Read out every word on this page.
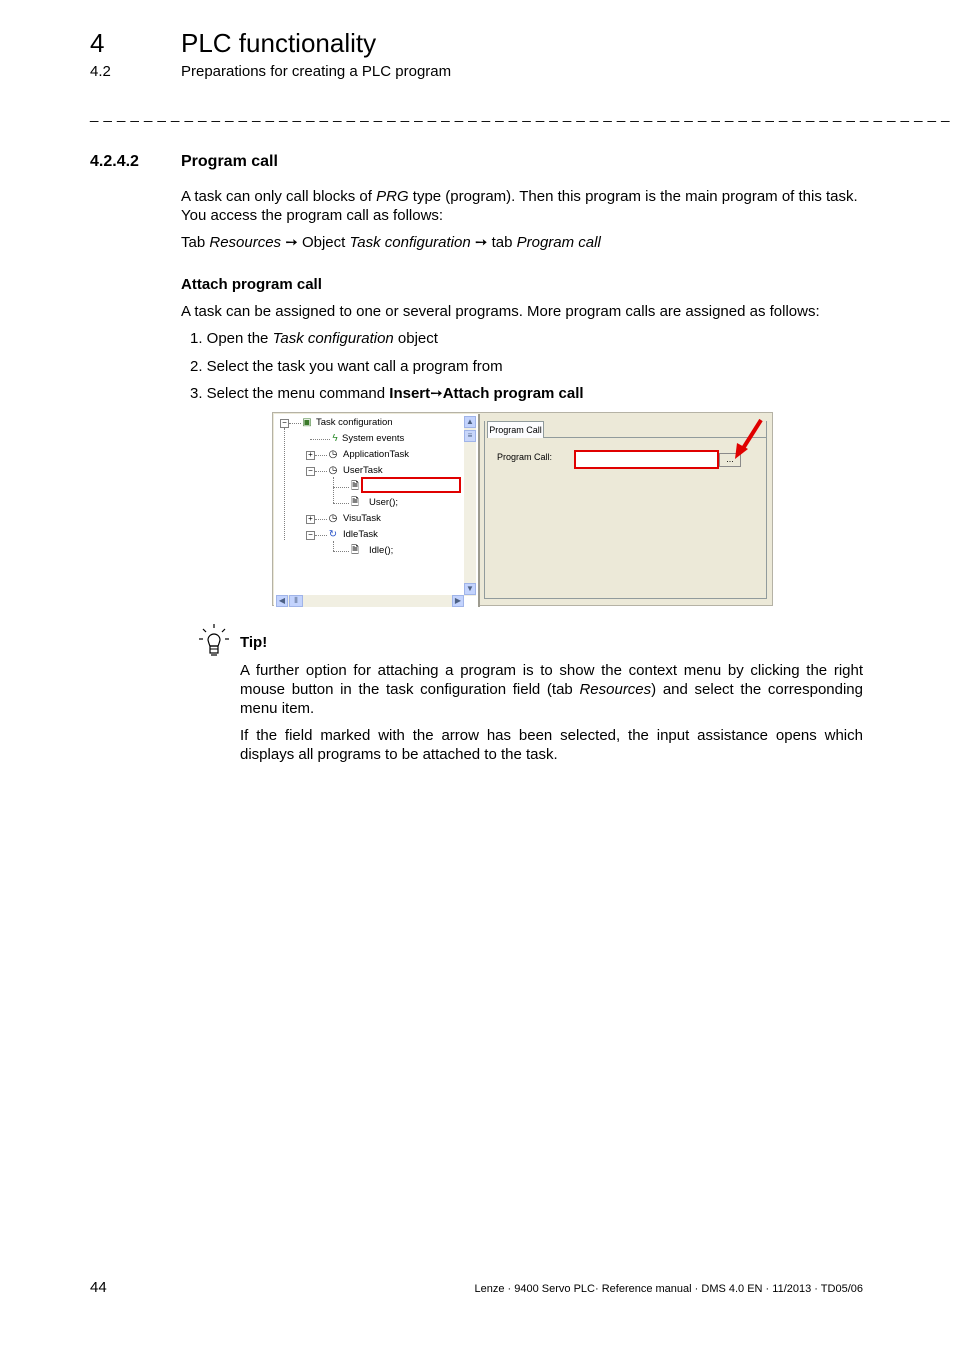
4	PLC functionality
4.2	Preparations for creating a PLC program
_ _ _ _ _ _ _ _ _ _ _ _ _ _ _ _ _ _ _ _ _ _ _ _ _ _ _ _ _ _ _ _ _ _ _ _ _ _ _ _ _ _ _ _ _ _ _ _ _ _ _ _ _ _ _ _ _ _ _ _ _ _ _ _
4.2.4.2	Program call
A task can only call blocks of PRG type (program). Then this program is the main program of this task. You access the program call as follows:
Tab Resources ➙ Object Task configuration ➙ tab Program call
Attach program call
A task can be assigned to one or several programs. More program calls are assigned as follows:
1. Open the Task configuration object
2. Select the task you want call a program from
3. Select the menu command Insert➙Attach program call
− ▣ Task configuration
ϟ System events
+ ◷ ApplicationTask
− ◷ UserTask
🗎
🗎 User();
+ ◷ VisuTask
− ↻ IdleTask
🗎 Idle();
▲
≡
▼
◀	⦀	▶
Program Call
Program Call:	...
Tip!
A further option for attaching a program is to show the context menu by clicking the right mouse button in the task configuration field (tab Resources) and select the corresponding menu item.
If the field marked with the arrow has been selected, the input assistance opens which displays all programs to be attached to the task.
44	Lenze · 9400 Servo PLC· Reference manual · DMS 4.0 EN · 11/2013 · TD05/06
